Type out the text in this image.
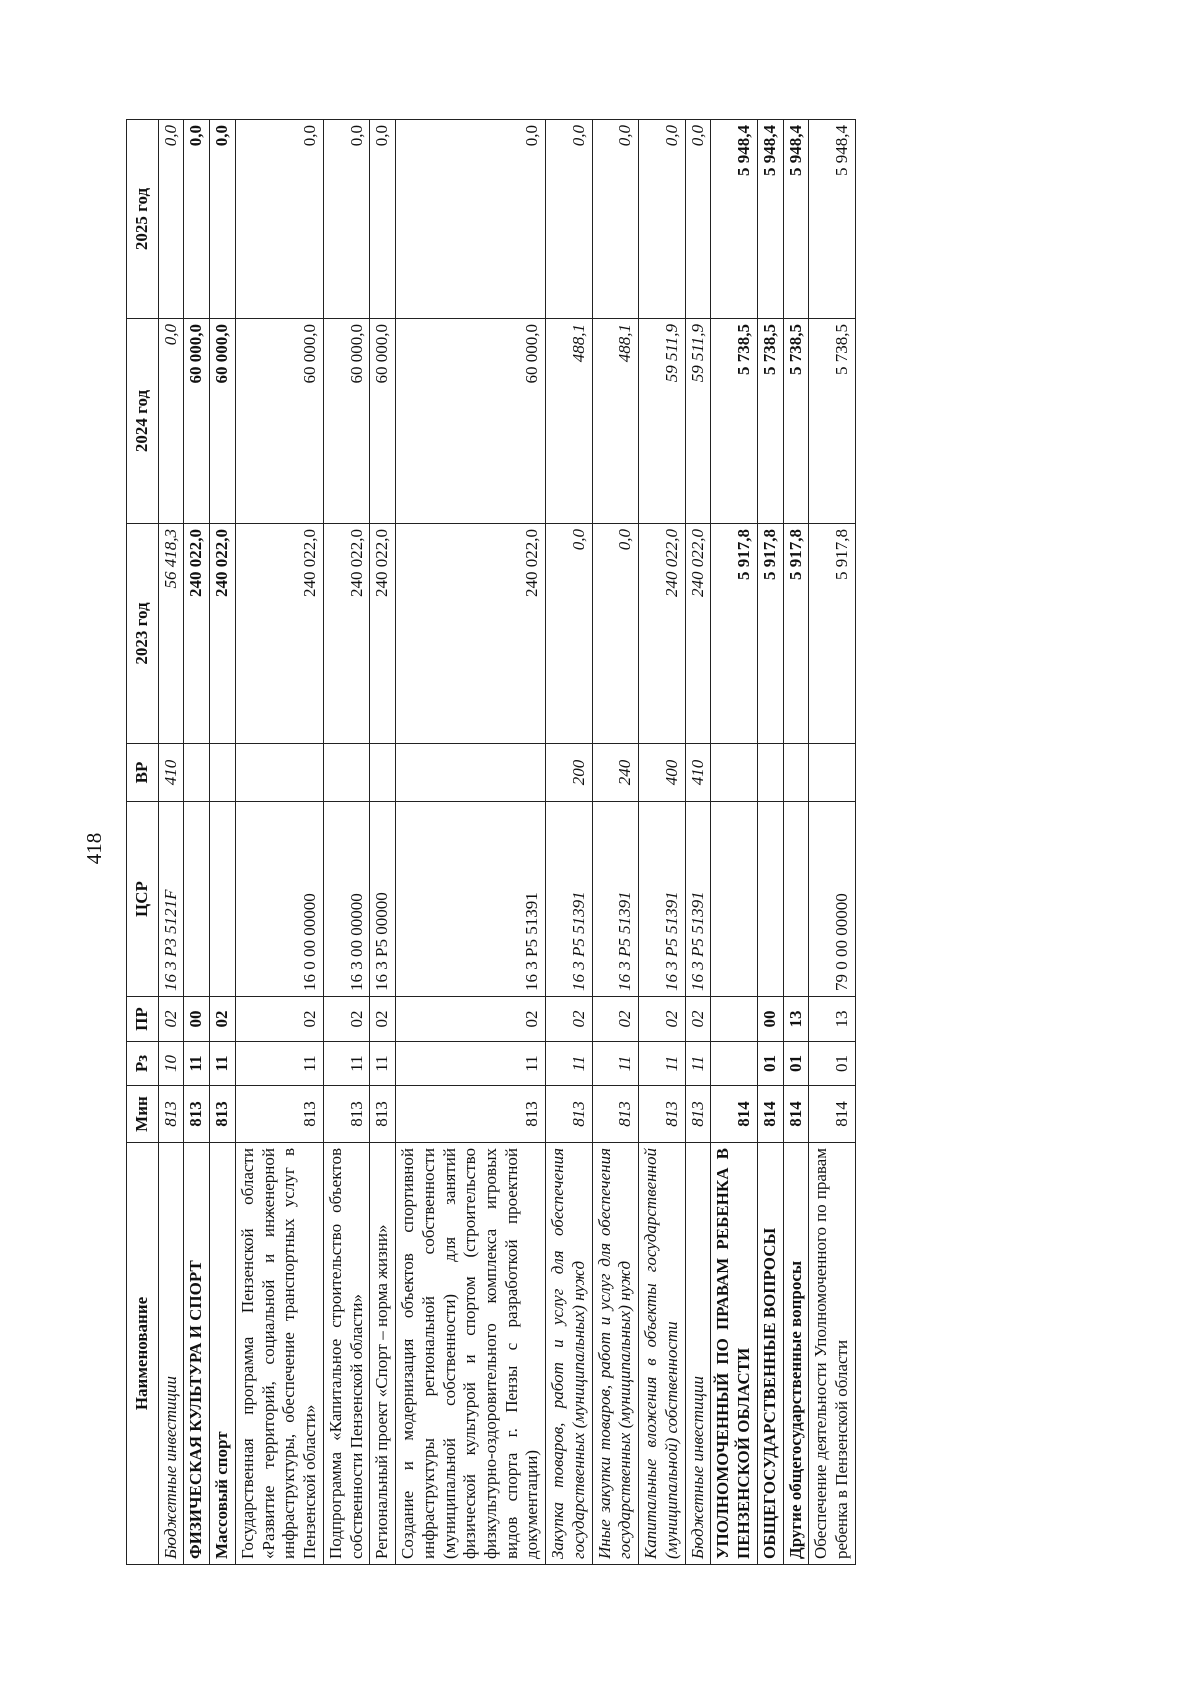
418
Наименование	Мин	Рз	ПР	ЦСР	ВР	2023 год	2024 год	2025 год
Бюджетные инвестиции	813	10	02	16 3 P3 5121F	410	56 418,3	0,0	0,0
ФИЗИЧЕСКАЯ КУЛЬТУРА И СПОРТ	813	11	00			240 022,0	60 000,0	0,0
Массовый спорт	813	11	02			240 022,0	60 000,0	0,0
Государственная программа Пензенской области «Развитие территорий, социальной и инженерной инфраструктуры, обеспечение транспортных услуг в Пензенской области»	813	11	02	16 0 00 00000		240 022,0	60 000,0	0,0
Подпрограмма «Капитальное строительство объектов собственности Пензенской области»	813	11	02	16 3 00 00000		240 022,0	60 000,0	0,0
Региональный проект «Спорт – норма жизни»	813	11	02	16 3 P5 00000		240 022,0	60 000,0	0,0
Создание и модернизация объектов спортивной инфраструктуры региональной собственности (муниципальной собственности) для занятий физической культурой и спортом (строительство физкультурно-оздоровительного комплекса игровых видов спорта г. Пензы с разработкой проектной документации)	813	11	02	16 3 P5 51391		240 022,0	60 000,0	0,0
Закупка товаров, работ и услуг для обеспечения государственных (муниципальных) нужд	813	11	02	16 3 P5 51391	200	0,0	488,1	0,0
Иные закупки товаров, работ и услуг для обеспечения государственных (муниципальных) нужд	813	11	02	16 3 P5 51391	240	0,0	488,1	0,0
Капитальные вложения в объекты государственной (муниципальной) собственности	813	11	02	16 3 P5 51391	400	240 022,0	59 511,9	0,0
Бюджетные инвестиции	813	11	02	16 3 P5 51391	410	240 022,0	59 511,9	0,0
УПОЛНОМОЧЕННЫЙ ПО ПРАВАМ РЕБЕНКА В ПЕНЗЕНСКОЙ ОБЛАСТИ	814					5 917,8	5 738,5	5 948,4
ОБЩЕГОСУДАРСТВЕННЫЕ ВОПРОСЫ	814	01	00			5 917,8	5 738,5	5 948,4
Другие общегосударственные вопросы	814	01	13			5 917,8	5 738,5	5 948,4
Обеспечение деятельности Уполномоченного по правам ребенка в Пензенской области	814	01	13	79 0 00 00000		5 917,8	5 738,5	5 948,4
